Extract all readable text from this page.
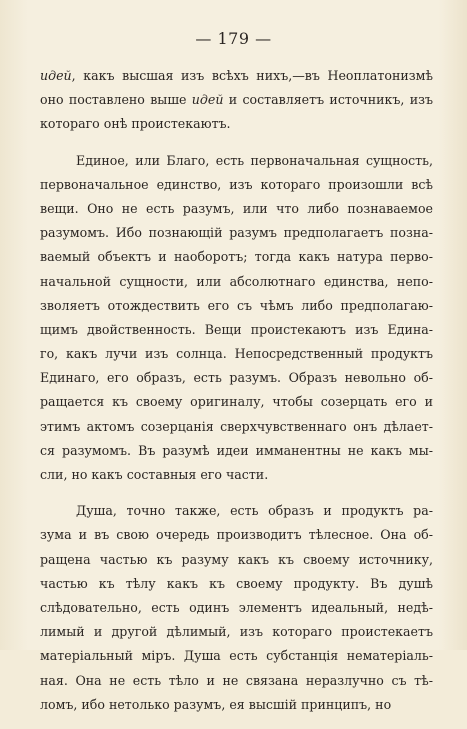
— 179 —
идей, какъ высшая изъ всѣхъ нихъ,—въ Неоплатонизмѣ
оно поставлено выше идей и составляетъ источникъ, изъ
котораго онѣ проистекаютъ.
Единое, или Благо, есть первоначальная сущность,
первоначальное единство, изъ котораго произошли всѣ
вещи. Оно не есть разумъ, или что либо познаваемое
разумомъ. Ибо познающій разумъ предполагаетъ позна-
ваемый объектъ и наоборотъ; тогда какъ натура перво-
начальной сущности, или абсолютнаго единства, непо-
зволяетъ отождествить его съ чѣмъ либо предполагаю-
щимъ двойственность. Вещи проистекаютъ изъ Едина-
го, какъ лучи изъ солнца. Непосредственный продуктъ
Единаго, его образъ, есть разумъ. Образъ невольно об-
ращается къ своему оригиналу, чтобы созерцать его и
этимъ актомъ созерцанія сверхчувственнаго онъ дѣлает-
ся разумомъ. Въ разумѣ идеи имманентны не какъ мы-
сли, но какъ составныя его части.
Душа, точно также, есть образъ и продуктъ ра-
зума и въ свою очередь производитъ тѣлесное. Она об-
ращена частью къ разуму какъ къ своему источнику,
частью къ тѣлу какъ къ своему продукту. Въ душѣ
слѣдовательно, есть одинъ элементъ идеальный, недѣ-
лимый и другой дѣлимый, изъ котораго проистекаетъ
матеріальный міръ. Душа есть субстанція нематеріаль-
ная. Она не есть тѣло и не связана неразлучно съ тѣ-
ломъ, ибо нетолько разумъ, ея высшій принципъ, но
